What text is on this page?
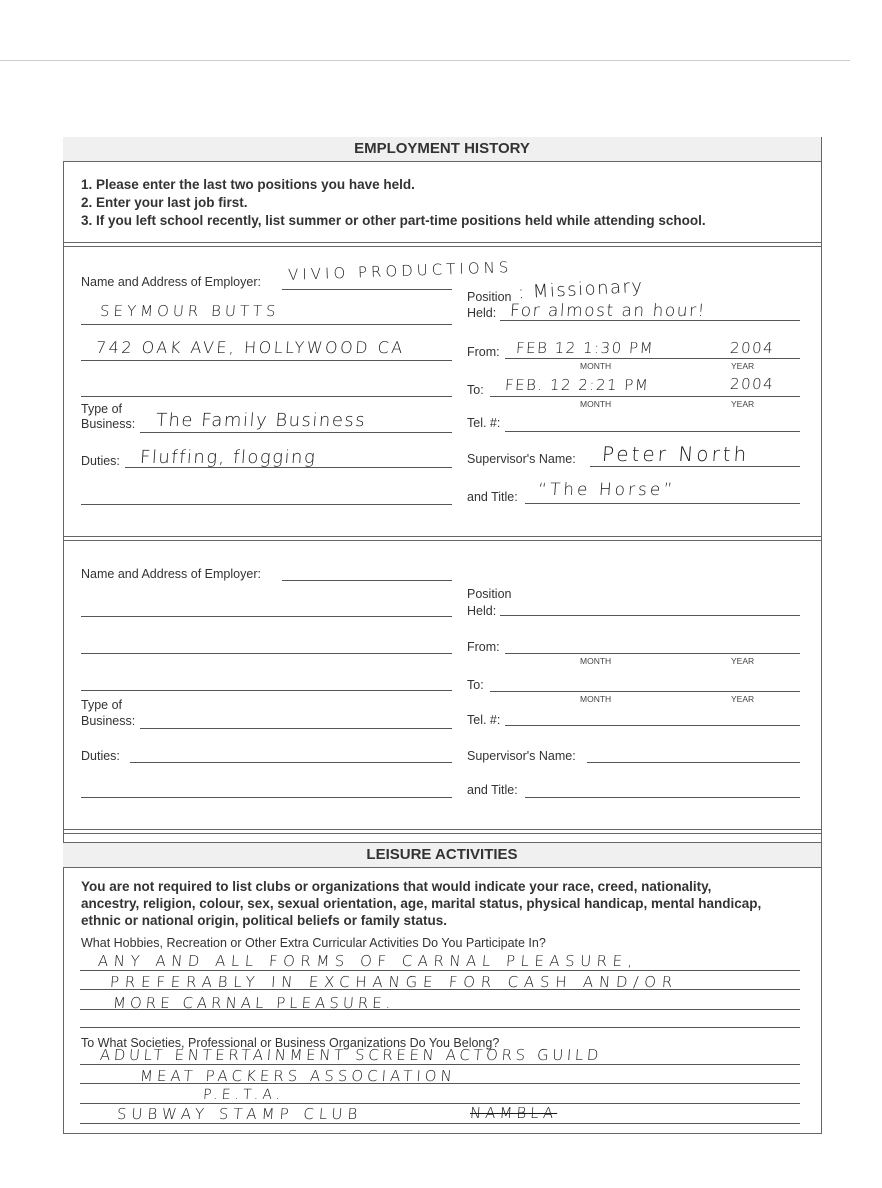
EMPLOYMENT HISTORY
1. Please enter the last two positions you have held.
2. Enter your last job first.
3. If you left school recently, list summer or other part-time positions held while attending school.
Name and Address of Employer: VIVIO PRODUCTIONS
SEYMOUR BUTTS
742 OAK AVE, HOLLYWOOD CA
Type of
Business: The Family Business
Duties: Fluffing, flogging
Position : Missionary
Held: For almost an hour!
From: FEB 12 1:30 PM	2004
MONTH	YEAR
To: FEB. 12 2:21 PM	2004
MONTH	YEAR
Tel. #:
Supervisor's Name: Peter North
and Title: “The Horse”
Name and Address of Employer:
Type of
Business:
Duties:
Position
Held:
From:
MONTH	YEAR
To:
MONTH	YEAR
Tel. #:
Supervisor's Name:
and Title:
LEISURE ACTIVITIES
You are not required to list clubs or organizations that would indicate your race, creed, nationality,
ancestry, religion, colour, sex, sexual orientation, age, marital status, physical handicap, mental handicap,
ethnic or national origin, political beliefs or family status.
What Hobbies, Recreation or Other Extra Curricular Activities Do You Participate In?
ANY AND ALL FORMS OF CARNAL PLEASURE,
PREFERABLY IN EXCHANGE FOR CASH AND/OR
MORE CARNAL PLEASURE.
To What Societies, Professional or Business Organizations Do You Belong?
ADULT ENTERTAINMENT SCREEN ACTORS GUILD
MEAT PACKERS ASSOCIATION
P.E.T.A.
SUBWAY STAMP CLUB	NAMBLA
